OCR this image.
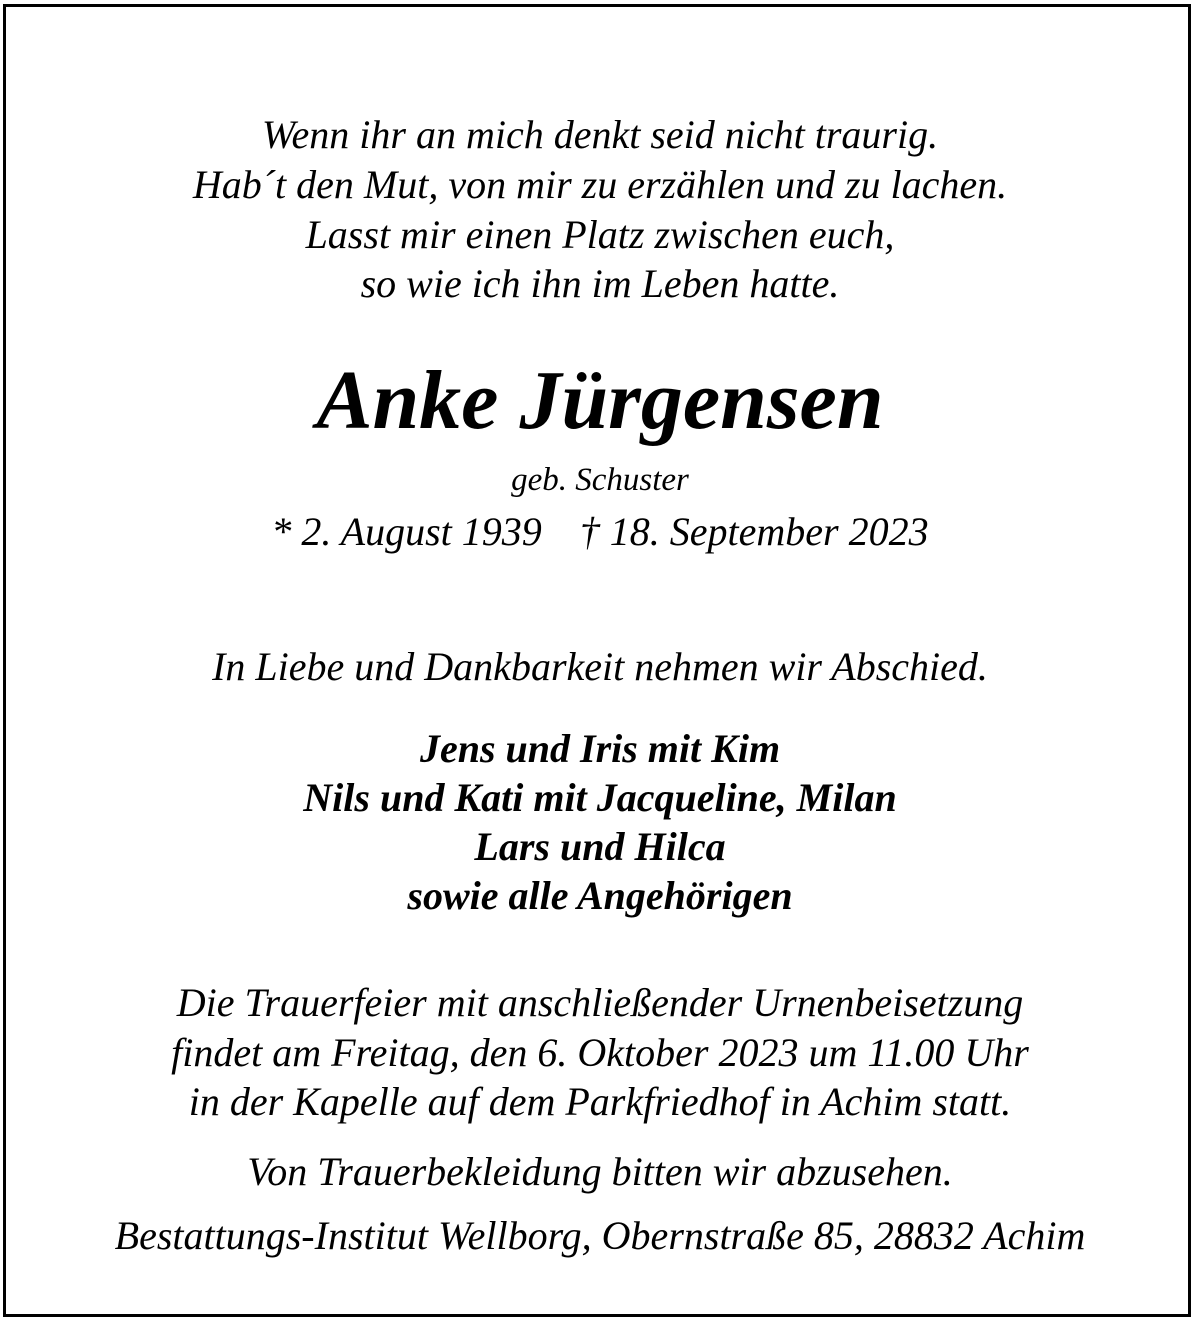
Wenn ihr an mich denkt seid nicht traurig.
Hab´t den Mut, von mir zu erzählen und zu lachen.
Lasst mir einen Platz zwischen euch,
so wie ich ihn im Leben hatte.
Anke Jürgensen
geb. Schuster
* 2. August 1939 † 18. September 2023
In Liebe und Dankbarkeit nehmen wir Abschied.
Jens und Iris mit Kim
Nils und Kati mit Jacqueline, Milan
Lars und Hilca
sowie alle Angehörigen
Die Trauerfeier mit anschließender Urnenbeisetzung
findet am Freitag, den 6. Oktober 2023 um 11.00 Uhr
in der Kapelle auf dem Parkfriedhof in Achim statt.
Von Trauerbekleidung bitten wir abzusehen.
Bestattungs-Institut Wellborg, Obernstraße 85, 28832 Achim
